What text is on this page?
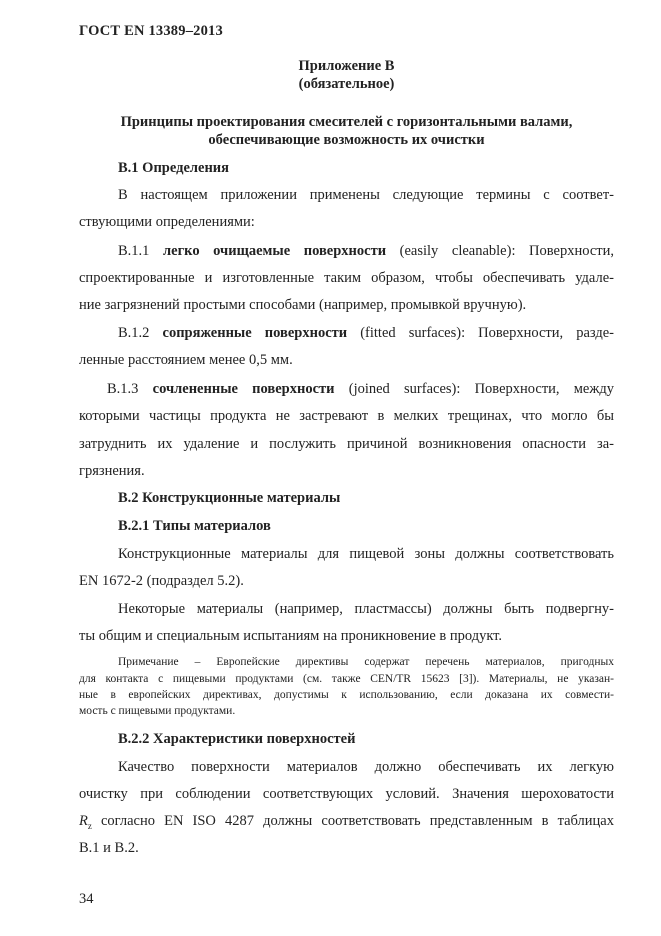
ГОСТ EN 13389–2013
Приложение В
(обязательное)
Принципы проектирования смесителей с горизонтальными валами,
обеспечивающие возможность их очистки
В.1 Определения
В настоящем приложении применены следующие термины с соответ-
ствующими определениями:
В.1.1 легко очищаемые поверхности (easily cleanable): Поверхности,
спроектированные и изготовленные таким образом, чтобы обеспечивать удале-
ние загрязнений простыми способами (например, промывкой вручную).
В.1.2 сопряженные поверхности (fitted surfaces): Поверхности, разде-
ленные расстоянием менее 0,5 мм.
В.1.3 сочлененные поверхности (joined surfaces): Поверхности, между
которыми частицы продукта не застревают в мелких трещинах, что могло бы
затруднить их удаление и послужить причиной возникновения опасности за-
грязнения.
В.2 Конструкционные материалы
В.2.1 Типы материалов
Конструкционные материалы для пищевой зоны должны соответствовать
EN 1672-2 (подраздел 5.2).
Некоторые материалы (например, пластмассы) должны быть подвергну-
ты общим и специальным испытаниям на проникновение в продукт.
Примечание – Европейские директивы содержат перечень материалов, пригодных
для контакта с пищевыми продуктами (см. также CEN/TR 15623 [3]). Материалы, не указан-
ные в европейских директивах, допустимы к использованию, если доказана их совмести-
мость с пищевыми продуктами.
В.2.2 Характеристики поверхностей
Качество поверхности материалов должно обеспечивать их легкую
очистку при соблюдении соответствующих условий. Значения шероховатости
$R_z$ согласно EN ISO 4287 должны соответствовать представленным в таблицах
В.1 и В.2.
34
